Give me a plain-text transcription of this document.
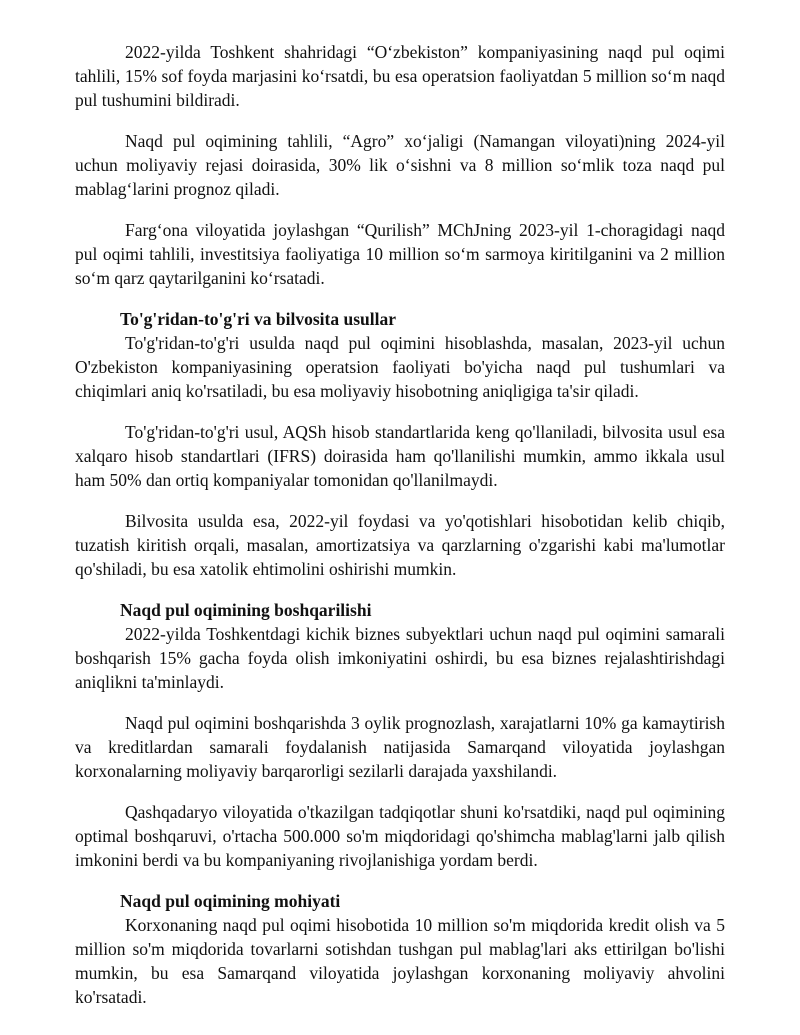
2022-yilda Toshkent shahridagi “O‘zbekiston” kompaniyasining naqd pul oqimi tahlili, 15% sof foyda marjasini ko‘rsatdi, bu esa operatsion faoliyatdan 5 million so‘m naqd pul tushumini bildiradi.

Naqd pul oqimining tahlili, “Agro” xo‘jaligi (Namangan viloyati)ning 2024-yil uchun moliyaviy rejasi doirasida, 30% lik o‘sishni va 8 million so‘mlik toza naqd pul mablag‘larini prognoz qiladi.

Farg‘ona viloyatida joylashgan “Qurilish” MChJning 2023-yil 1-choragidagi naqd pul oqimi tahlili, investitsiya faoliyatiga 10 million so‘m sarmoya kiritilganini va 2 million so‘m qarz qaytarilganini ko‘rsatadi.

To'g'ridan-to'g'ri va bilvosita usullar

To'g'ridan-to'g'ri usulda naqd pul oqimini hisoblashda, masalan, 2023-yil uchun O'zbekiston kompaniyasining operatsion faoliyati bo'yicha naqd pul tushumlari va chiqimlari aniq ko'rsatiladi, bu esa moliyaviy hisobotning aniqligiga ta'sir qiladi.

To'g'ridan-to'g'ri usul, AQSh hisob standartlarida keng qo'llaniladi, bilvosita usul esa xalqaro hisob standartlari (IFRS) doirasida ham qo'llanilishi mumkin, ammo ikkala usul ham 50% dan ortiq kompaniyalar tomonidan qo'llanilmaydi.

Bilvosita usulda esa, 2022-yil foydasi va yo'qotishlari hisobotidan kelib chiqib, tuzatish kiritish orqali, masalan, amortizatsiya va qarzlarning o'zgarishi kabi ma'lumotlar qo'shiladi, bu esa xatolik ehtimolini oshirishi mumkin.

Naqd pul oqimining boshqarilishi

2022-yilda Toshkentdagi kichik biznes subyektlari uchun naqd pul oqimini samarali boshqarish 15% gacha foyda olish imkoniyatini oshirdi, bu esa biznes rejalashtirishdagi aniqlikni ta'minlaydi.

Naqd pul oqimini boshqarishda 3 oylik prognozlash, xarajatlarni 10% ga kamaytirish va kreditlardan samarali foydalanish natijasida Samarqand viloyatida joylashgan korxonalarning moliyaviy barqarorligi sezilarli darajada yaxshilandi.

Qashqadaryo viloyatida o'tkazilgan tadqiqotlar shuni ko'rsatdiki, naqd pul oqimining optimal boshqaruvi, o'rtacha 500.000 so'm miqdoridagi qo'shimcha mablag'larni jalb qilish imkonini berdi va bu kompaniyaning rivojlanishiga yordam berdi.

Naqd pul oqimining mohiyati

Korxonaning naqd pul oqimi hisobotida 10 million so'm miqdorida kredit olish va 5 million so'm miqdorida tovarlarni sotishdan tushgan pul mablag'lari aks ettirilgan bo'lishi mumkin, bu esa Samarqand viloyatida joylashgan korxonaning moliyaviy ahvolini ko'rsatadi.
